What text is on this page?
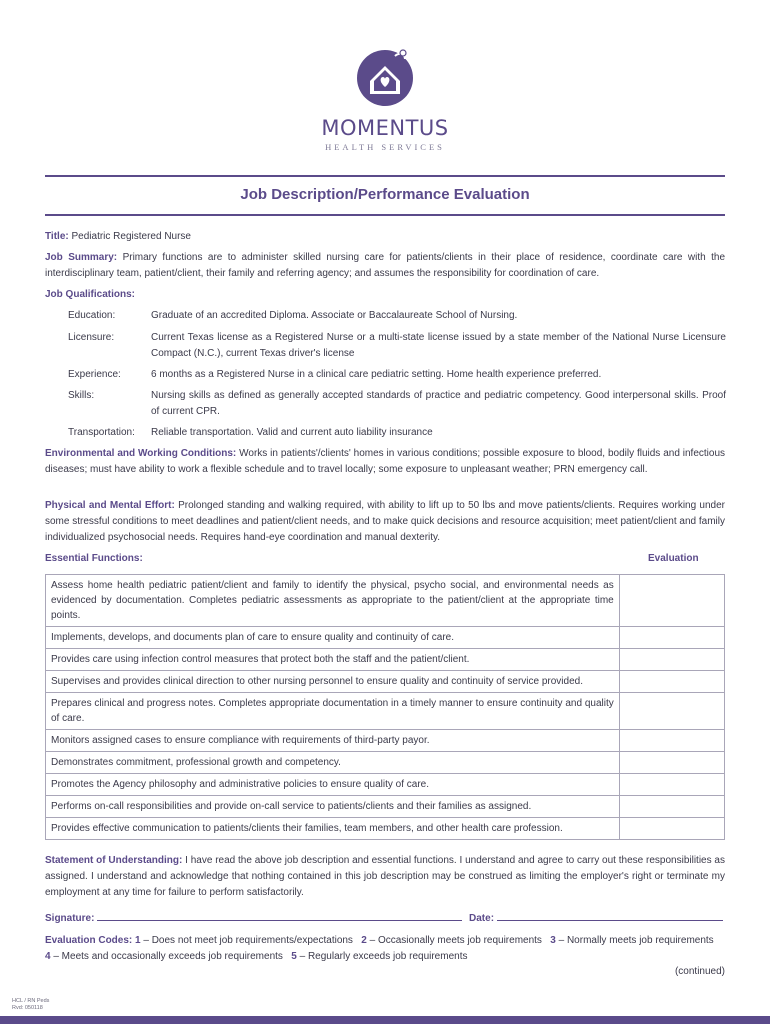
MOMENTUS
HEALTH SERVICES
Job Description/Performance Evaluation
Title: Pediatric Registered Nurse
Job Summary: Primary functions are to administer skilled nursing care for patients/clients in their place of residence, coordinate care with the interdisciplinary team, patient/client, their family and referring agency; and assumes the responsibility for coordination of care.
Job Qualifications:
Education:	Graduate of an accredited Diploma. Associate or Baccalaureate School of Nursing.
Licensure:	Current Texas license as a Registered Nurse or a multi-state license issued by a state member of the National Nurse Licensure Compact (N.C.), current Texas driver's license
Experience:	6 months as a Registered Nurse in a clinical care pediatric setting. Home health experience preferred.
Skills:	Nursing skills as defined as generally accepted standards of practice and pediatric competency. Good interpersonal skills. Proof of current CPR.
Transportation: Reliable transportation. Valid and current auto liability insurance
Environmental and Working Conditions: Works in patients'/clients' homes in various conditions; possible exposure to blood, bodily fluids and infectious diseases; must have ability to work a flexible schedule and to travel locally; some exposure to unpleasant weather; PRN emergency call.
Physical and Mental Effort: Prolonged standing and walking required, with ability to lift up to 50 lbs and move patients/clients. Requires working under some stressful conditions to meet deadlines and patient/client needs, and to make quick decisions and resource acquisition; meet patient/client and family individualized psychosocial needs. Requires hand-eye coordination and manual dexterity.
Essential Functions:	Evaluation
Assess home health pediatric patient/client and family to identify the physical, psycho social, and environmental needs as evidenced by documentation. Completes pediatric assessments as appropriate to the patient/client at the appropriate time points.	
Implements, develops, and documents plan of care to ensure quality and continuity of care.	
Provides care using infection control measures that protect both the staff and the patient/client.	
Supervises and provides clinical direction to other nursing personnel to ensure quality and continuity of service provided.	
Prepares clinical and progress notes. Completes appropriate documentation in a timely manner to ensure continuity and quality of care.	
Monitors assigned cases to ensure compliance with requirements of third-party payor.	
Demonstrates commitment, professional growth and competency.	
Promotes the Agency philosophy and administrative policies to ensure quality of care.	
Performs on-call responsibilities and provide on-call service to patients/clients and their families as assigned.	
Provides effective communication to patients/clients their families, team members, and other health care profession.	
Statement of Understanding: I have read the above job description and essential functions. I understand and agree to carry out these responsibilities as assigned. I understand and acknowledge that nothing contained in this job description may be construed as limiting the employer's right or terminate my employment at any time for failure to perform satisfactorily.
Signature:	Date:
Evaluation Codes: 1 – Does not meet job requirements/expectations 2 – Occasionally meets job requirements 3 – Normally meets job requirements   4 – Meets and occasionally exceeds job requirements 5 – Regularly exceeds job requirements
(continued)
HCL / RN Peds
Rvd: 050118
